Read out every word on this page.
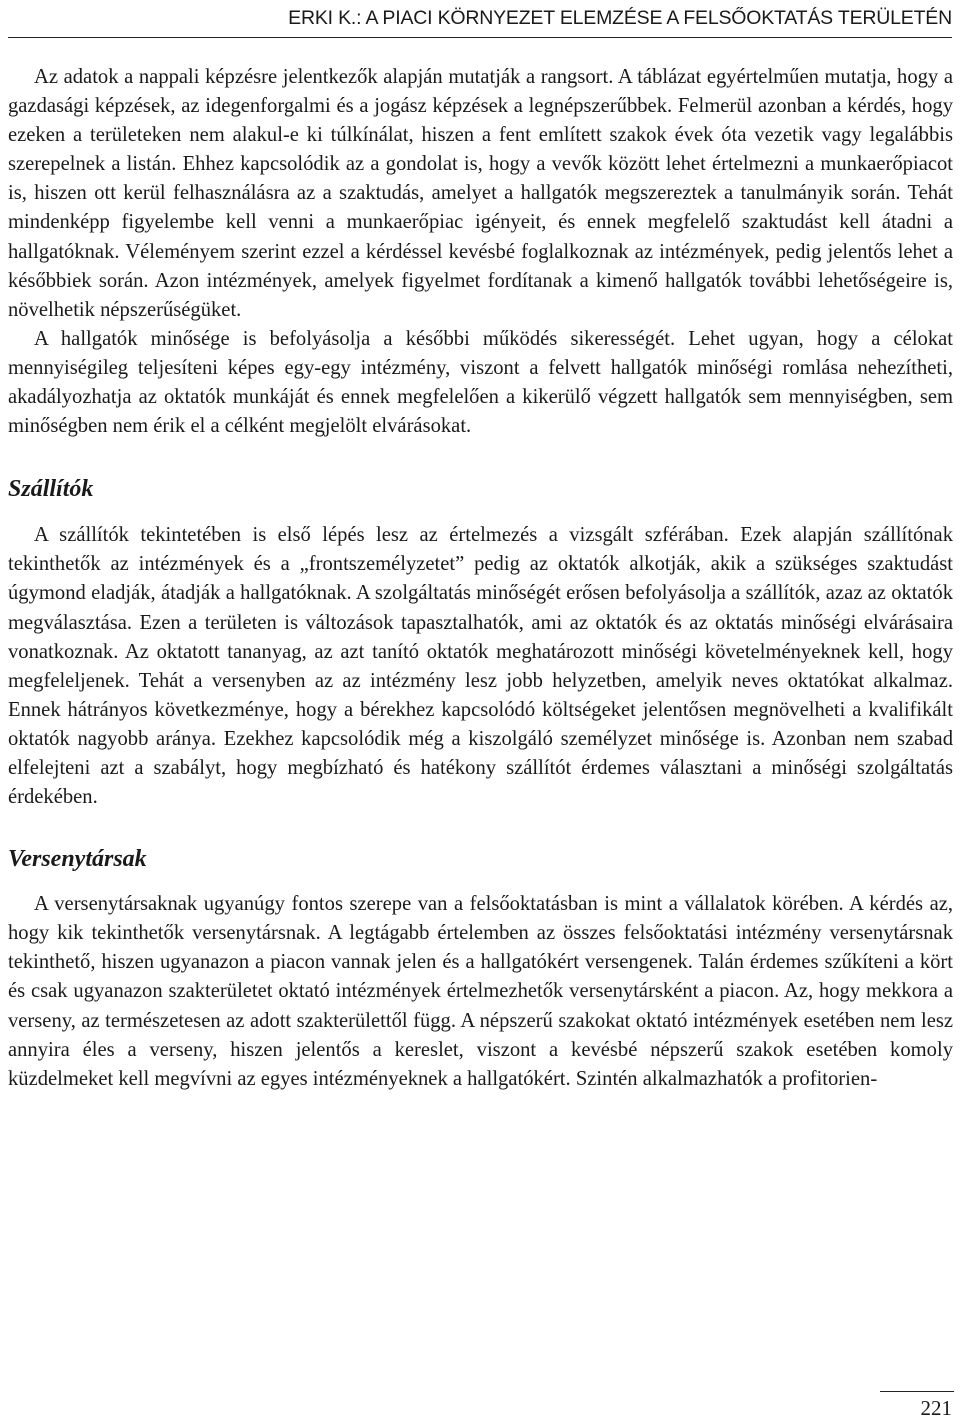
ERKI K.: A PIACI KÖRNYEZET ELEMZÉSE A FELSŐOKTATÁS TERÜLETÉN

Az adatok a nappali képzésre jelentkezők alapján mutatják a rangsort. A táblázat egyértelműen mutatja, hogy a gazdasági képzések, az idegenforgalmi és a jogász képzések a legnépszerűbbek. Felmerül azonban a kérdés, hogy ezeken a területeken nem alakul-e ki túlkínálat, hiszen a fent említett szakok évek óta vezetik vagy legalábbis szerepelnek a listán. Ehhez kapcsolódik az a gondolat is, hogy a vevők között lehet értelmezni a munkaerőpiacot is, hiszen ott kerül felhasználásra az a szaktudás, amelyet a hallgatók megszereztek a tanulmányik során. Tehát mindenképp figyelembe kell venni a munkaerőpiac igényeit, és ennek megfelelő szaktudást kell átadni a hallgatóknak. Véleményem szerint ezzel a kérdéssel kevésbé foglalkoznak az intézmények, pedig jelentős lehet a későbbiek során. Azon intézmények, amelyek figyelmet fordítanak a kimenő hallgatók további lehetőségeire is, növelhetik népszerűségüket.

A hallgatók minősége is befolyásolja a későbbi működés sikerességét. Lehet ugyan, hogy a célokat mennyiségileg teljesíteni képes egy-egy intézmény, viszont a felvett hallgatók minőségi romlása nehezítheti, akadályozhatja az oktatók munkáját és ennek megfelelően a kikerülő végzett hallgatók sem mennyiségben, sem minőségben nem érik el a célként megjelölt elvárásokat.

Szállítók

A szállítók tekintetében is első lépés lesz az értelmezés a vizsgált szférában. Ezek alapján szállítónak tekinthetők az intézmények és a „frontszemélyzetet” pedig az oktatók alkotják, akik a szükséges szaktudást úgymond eladják, átadják a hallgatóknak. A szolgáltatás minőségét erősen befolyásolja a szállítók, azaz az oktatók megválasztása. Ezen a területen is változások tapasztalhatók, ami az oktatók és az oktatás minőségi elvárásaira vonatkoznak. Az oktatott tananyag, az azt tanító oktatók meghatározott minőségi követelményeknek kell, hogy megfeleljenek. Tehát a versenyben az az intézmény lesz jobb helyzetben, amelyik neves oktatókat alkalmaz. Ennek hátrányos következménye, hogy a bérekhez kapcsolódó költségeket jelentősen megnövelheti a kvalifikált oktatók nagyobb aránya. Ezekhez kapcsolódik még a kiszolgáló személyzet minősége is. Azonban nem szabad elfelejteni azt a szabályt, hogy megbízható és hatékony szállítót érdemes választani a minőségi szolgáltatás érdekében.

Versenytársak

A versenytársaknak ugyanúgy fontos szerepe van a felsőoktatásban is mint a vállalatok körében. A kérdés az, hogy kik tekinthetők versenytársnak. A legtágabb értelemben az összes felsőoktatási intézmény versenytársnak tekinthető, hiszen ugyanazon a piacon vannak jelen és a hallgatókért versengenek. Talán érdemes szűkíteni a kört és csak ugyanazon szakterületet oktató intézmények értelmezhetők versenytársként a piacon. Az, hogy mekkora a verseny, az természetesen az adott szakterülettől függ. A népszerű szakokat oktató intézmények esetében nem lesz annyira éles a verseny, hiszen jelentős a kereslet, viszont a kevésbé népszerű szakok esetében komoly küzdelmeket kell megvívni az egyes intézményeknek a hallgatókért. Szintén alkalmazhatók a profitorien-

221
